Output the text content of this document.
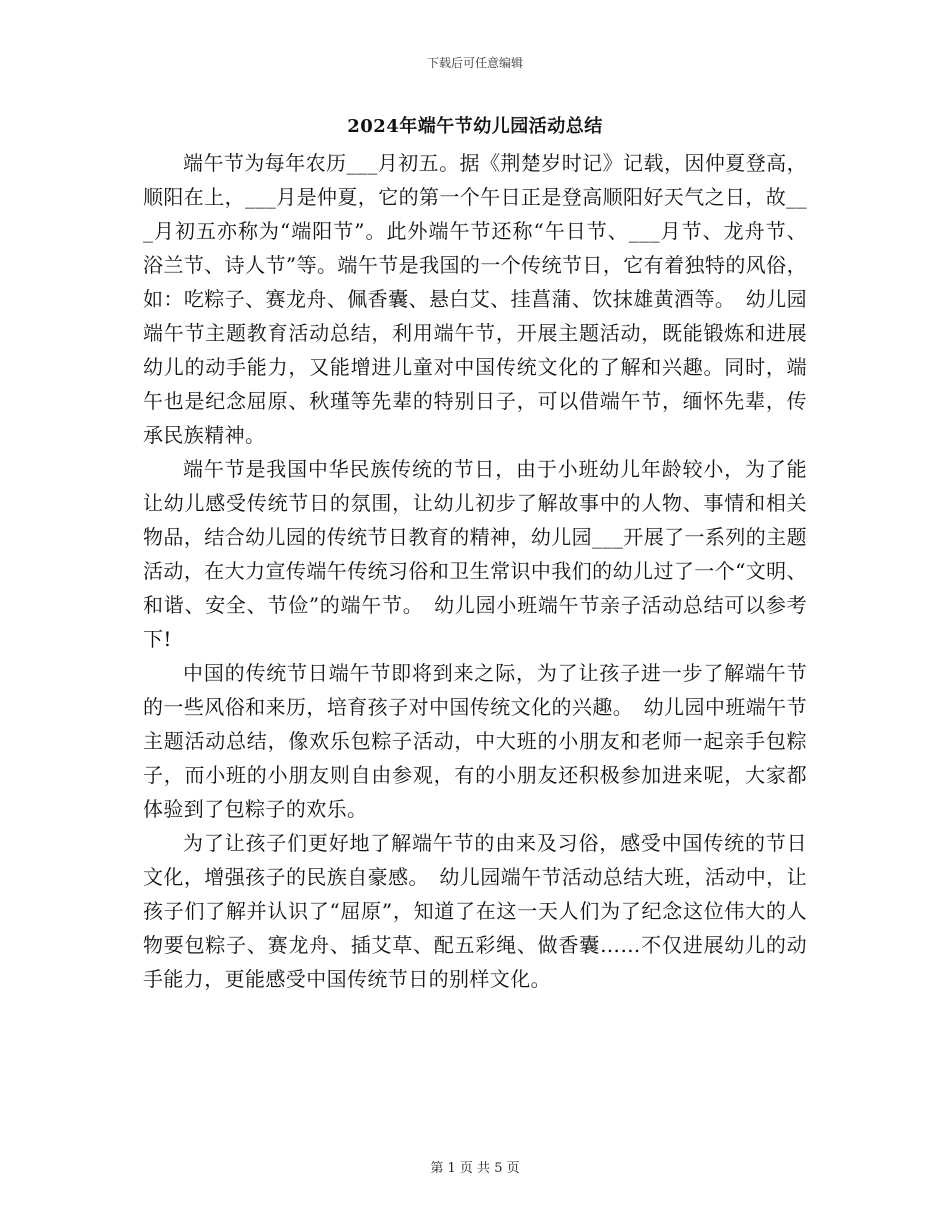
下载后可任意编辑
2024年端午节幼儿园活动总结

端午节为每年农历___月初五。据《荆楚岁时记》记载，因仲夏登高，顺阳在上，___月是仲夏，它的第一个午日正是登高顺阳好天气之日，故___月初五亦称为“端阳节”。此外端午节还称“午日节、___月节、龙舟节、浴兰节、诗人节”等。端午节是我国的一个传统节日，它有着独特的风俗，如：吃粽子、赛龙舟、佩香囊、悬白艾、挂菖蒲、饮抹雄黄酒等。　幼儿园端午节主题教育活动总结，利用端午节，开展主题活动，既能锻炼和进展幼儿的动手能力，又能增进儿童对中国传统文化的了解和兴趣。同时，端午也是纪念屈原、秋瑾等先辈的特别日子，可以借端午节，缅怀先辈，传承民族精神。

端午节是我国中华民族传统的节日，由于小班幼儿年龄较小，为了能让幼儿感受传统节日的氛围，让幼儿初步了解故事中的人物、事情和相关物品，结合幼儿园的传统节日教育的精神，幼儿园___开展了一系列的主题活动，在大力宣传端午传统习俗和卫生常识中我们的幼儿过了一个“文明、和谐、安全、节俭”的端午节。　幼儿园小班端午节亲子活动总结可以参考下!

中国的传统节日端午节即将到来之际，为了让孩子进一步了解端午节的一些风俗和来历，培育孩子对中国传统文化的兴趣。　幼儿园中班端午节主题活动总结，像欢乐包粽子活动，中大班的小朋友和老师一起亲手包粽子，而小班的小朋友则自由参观，有的小朋友还积极参加进来呢，大家都体验到了包粽子的欢乐。

为了让孩子们更好地了解端午节的由来及习俗，感受中国传统的节日文化，增强孩子的民族自豪感。　幼儿园端午节活动总结大班，活动中，让孩子们了解并认识了“屈原”，知道了在这一天人们为了纪念这位伟大的人物要包粽子、赛龙舟、插艾草、配五彩绳、做香囊……不仅进展幼儿的动手能力，更能感受中国传统节日的别样文化。

第 1 页 共 5 页
